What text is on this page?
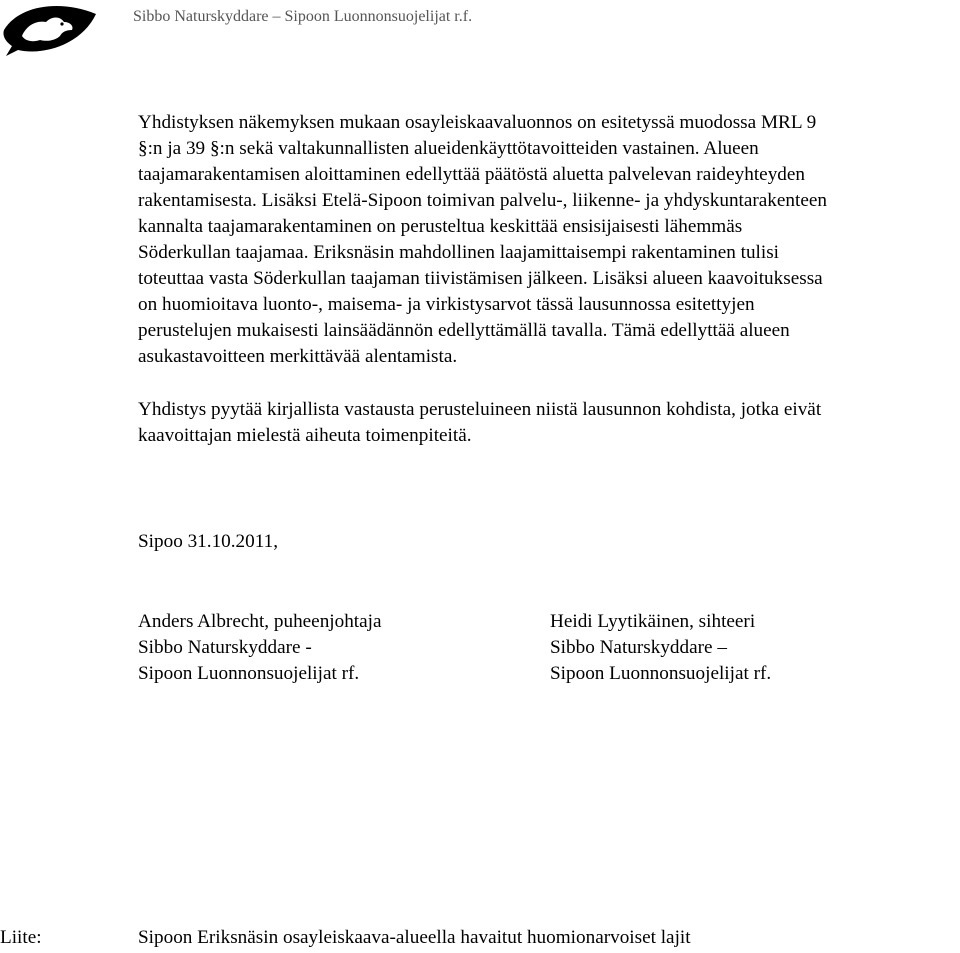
Sibbo Naturskyddare – Sipoon Luonnonsuojelijat r.f.

Yhdistyksen näkemyksen mukaan osayleiskaavaluonnos on esitetyssä muodossa MRL 9
§:n ja 39 §:n sekä valtakunnallisten alueidenkäyttötavoitteiden vastainen. Alueen
taajamarakentamisen aloittaminen edellyttää päätöstä aluetta palvelevan raideyhteyden
rakentamisesta. Lisäksi Etelä-Sipoon toimivan palvelu-, liikenne- ja yhdyskuntarakenteen
kannalta taajamarakentaminen on perusteltua keskittää ensisijaisesti lähemmäs
Söderkullan taajamaa. Eriksnäsin mahdollinen laajamittaisempi rakentaminen tulisi
toteuttaa vasta Söderkullan taajaman tiivistämisen jälkeen. Lisäksi alueen kaavoituksessa
on huomioitava luonto-, maisema- ja virkistysarvot tässä lausunnossa esitettyjen
perustelujen mukaisesti lainsäädännön edellyttämällä tavalla. Tämä edellyttää alueen
asukastavoitteen merkittävää alentamista.

Yhdistys pyytää kirjallista vastausta perusteluineen niistä lausunnon kohdista, jotka eivät
kaavoittajan mielestä aiheuta toimenpiteitä.

Sipoo 31.10.2011,

Anders Albrecht, puheenjohtaja
Sibbo Naturskyddare -
Sipoon Luonnonsuojelijat rf.
Heidi Lyytikäinen, sihteeri
Sibbo Naturskyddare –
Sipoon Luonnonsuojelijat rf.

Liite:	Sipoon Eriksnäsin osayleiskaava-alueella havaitut huomionarvoiset lajit
